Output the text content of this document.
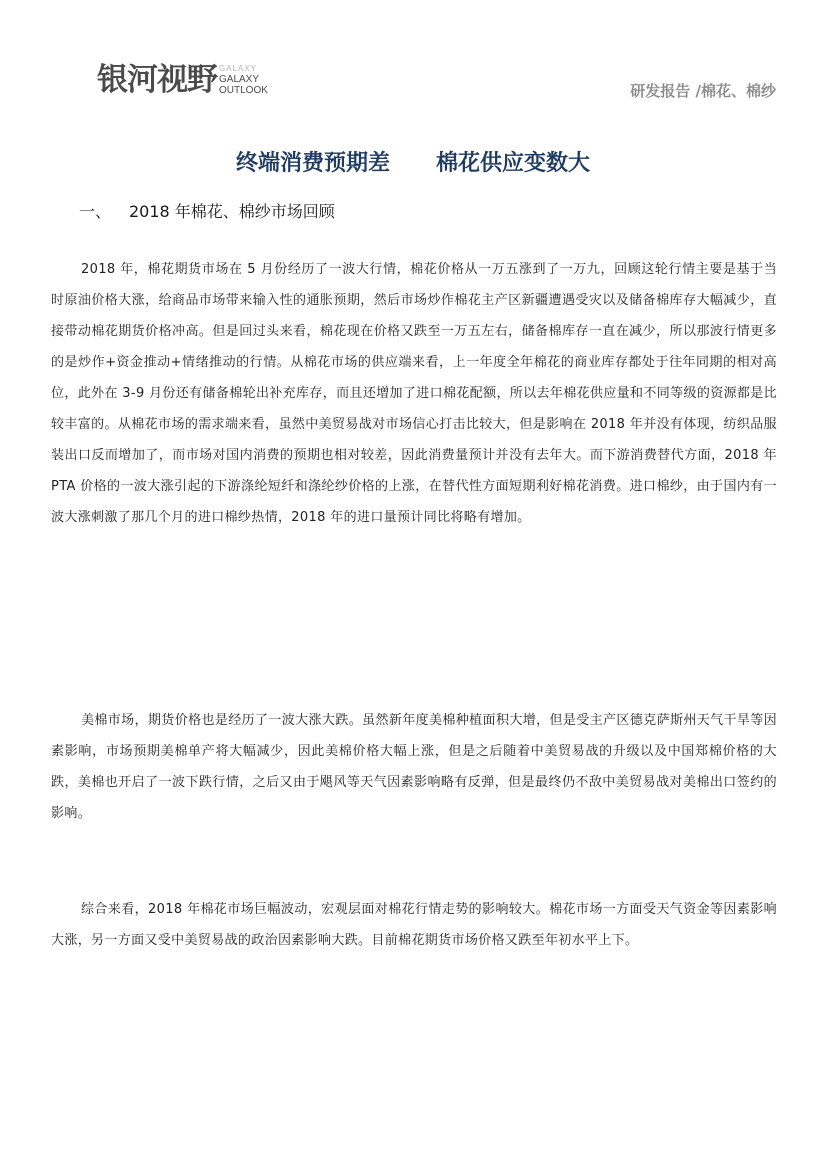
银河视野 GALAXY
GALAXY
OUTLOOK	研发报告 /棉花、棉纱
终端消费预期差      棉花供应变数大
一、 2018 年棉花、棉纱市场回顾

2018 年，棉花期货市场在 5 月份经历了一波大行情，棉花价格从一万五涨到了一万九，回顾这轮行情主要是基于当时原油价格大涨，给商品市场带来输入性的通胀预期，然后市场炒作棉花主产区新疆遭遇受灾以及储备棉库存大幅减少，直接带动棉花期货价格冲高。但是回过头来看，棉花现在价格又跌至一万五左右，储备棉库存一直在减少，所以那波行情更多的是炒作+资金推动+情绪推动的行情。从棉花市场的供应端来看，上一年度全年棉花的商业库存都处于往年同期的相对高位，此外在 3-9 月份还有储备棉轮出补充库存，而且还增加了进口棉花配额，所以去年棉花供应量和不同等级的资源都是比较丰富的。从棉花市场的需求端来看，虽然中美贸易战对市场信心打击比较大，但是影响在 2018 年并没有体现，纺织品服装出口反而增加了，而市场对国内消费的预期也相对较差，因此消费量预计并没有去年大。而下游消费替代方面，2018 年 PTA 价格的一波大涨引起的下游涤纶短纤和涤纶纱价格的上涨，在替代性方面短期利好棉花消费。进口棉纱，由于国内有一波大涨刺激了那几个月的进口棉纱热情，2018 年的进口量预计同比将略有增加。

美棉市场，期货价格也是经历了一波大涨大跌。虽然新年度美棉种植面积大增，但是受主产区德克萨斯州天气干旱等因素影响，市场预期美棉单产将大幅减少，因此美棉价格大幅上涨，但是之后随着中美贸易战的升级以及中国郑棉价格的大跌，美棉也开启了一波下跌行情，之后又由于飓风等天气因素影响略有反弹，但是最终仍不敌中美贸易战对美棉出口签约的影响。

综合来看，2018 年棉花市场巨幅波动，宏观层面对棉花行情走势的影响较大。棉花市场一方面受天气资金等因素影响大涨，另一方面又受中美贸易战的政治因素影响大跌。目前棉花期货市场价格又跌至年初水平上下。
